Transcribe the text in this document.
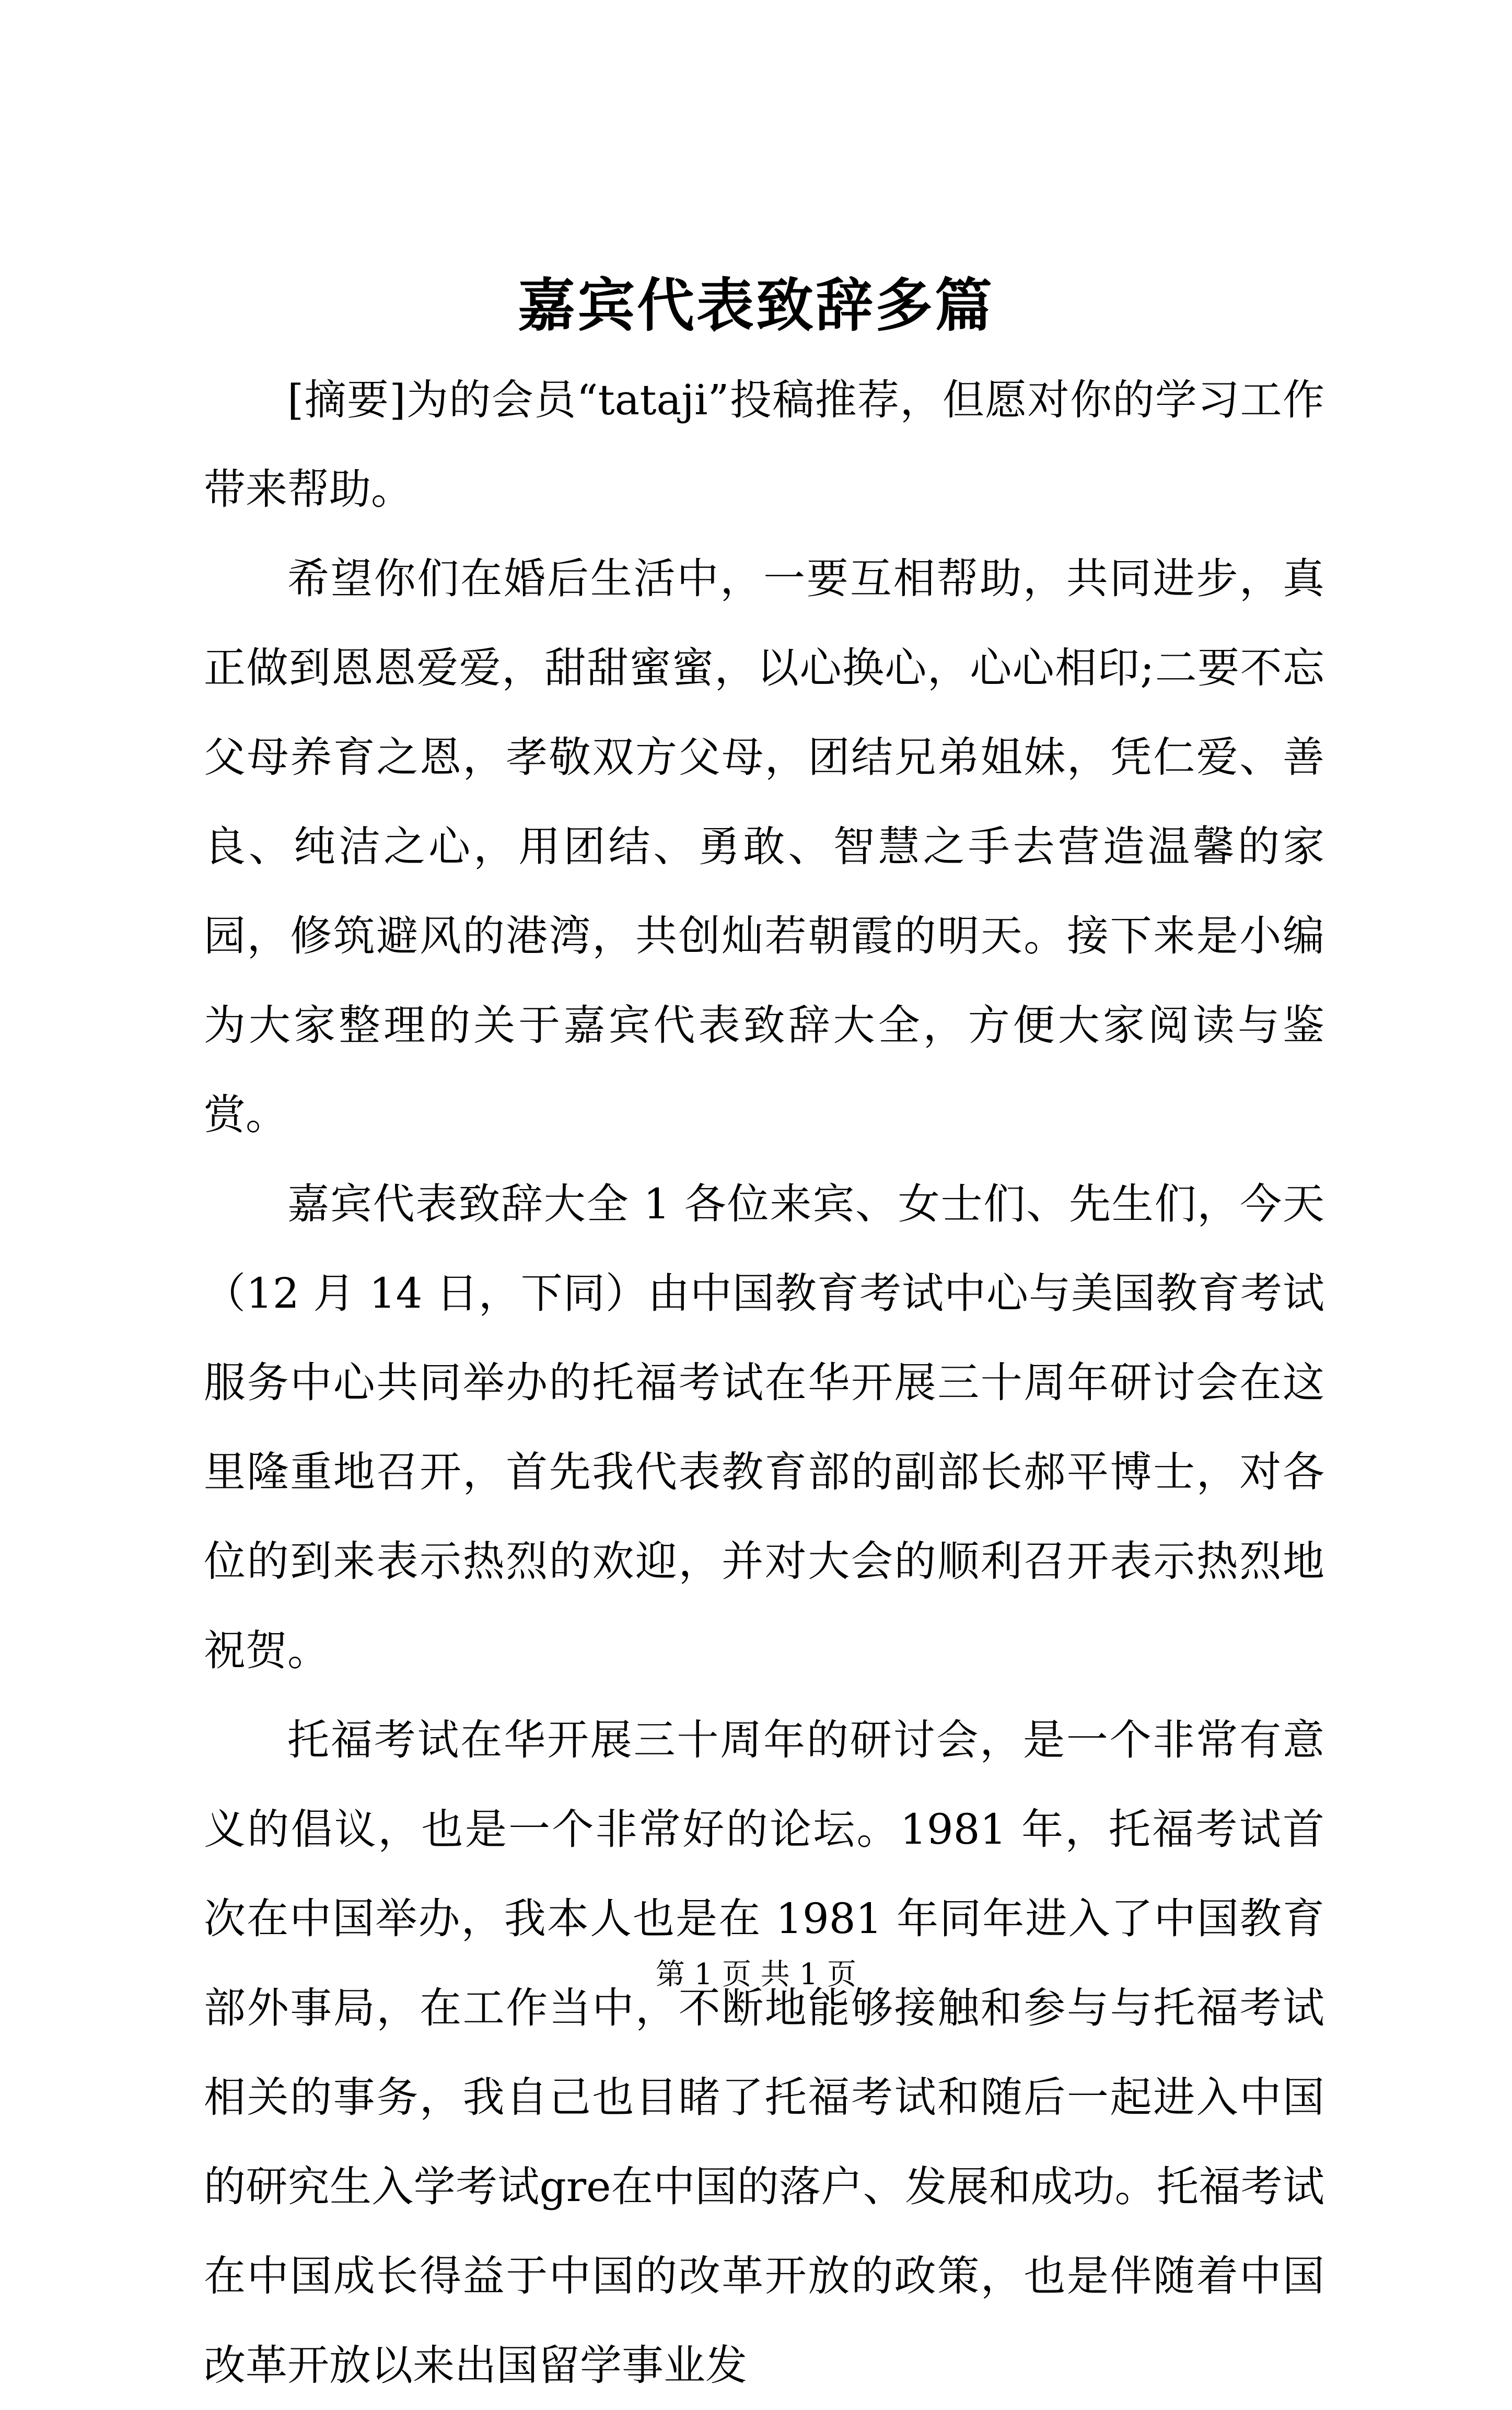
嘉宾代表致辞多篇

[摘要]为的会员“tataji”投稿推荐，但愿对你的学习工作带来帮助。

希望你们在婚后生活中，一要互相帮助，共同进步，真正做到恩恩爱爱，甜甜蜜蜜，以心换心，心心相印;二要不忘父母养育之恩，孝敬双方父母，团结兄弟姐妹，凭仁爱、善良、纯洁之心，用团结、勇敢、智慧之手去营造温馨的家园，修筑避风的港湾，共创灿若朝霞的明天。接下来是小编为大家整理的关于嘉宾代表致辞大全，方便大家阅读与鉴赏。

嘉宾代表致辞大全 1 各位来宾、女士们、先生们，今天（12 月 14 日，下同）由中国教育考试中心与美国教育考试服务中心共同举办的托福考试在华开展三十周年研讨会在这里隆重地召开，首先我代表教育部的副部长郝平博士，对各位的到来表示热烈的欢迎，并对大会的顺利召开表示热烈地祝贺。

托福考试在华开展三十周年的研讨会，是一个非常有意义的倡议，也是一个非常好的论坛。1981 年，托福考试首次在中国举办，我本人也是在 1981 年同年进入了中国教育部外事局，在工作当中，不断地能够接触和参与与托福考试相关的事务，我自己也目睹了托福考试和随后一起进入中国的研究生入学考试gre在中国的落户、发展和成功。托福考试在中国成长得益于中国的改革开放的政策，也是伴随着中国改革开放以来出国留学事业发

第 1 页 共 1 页
